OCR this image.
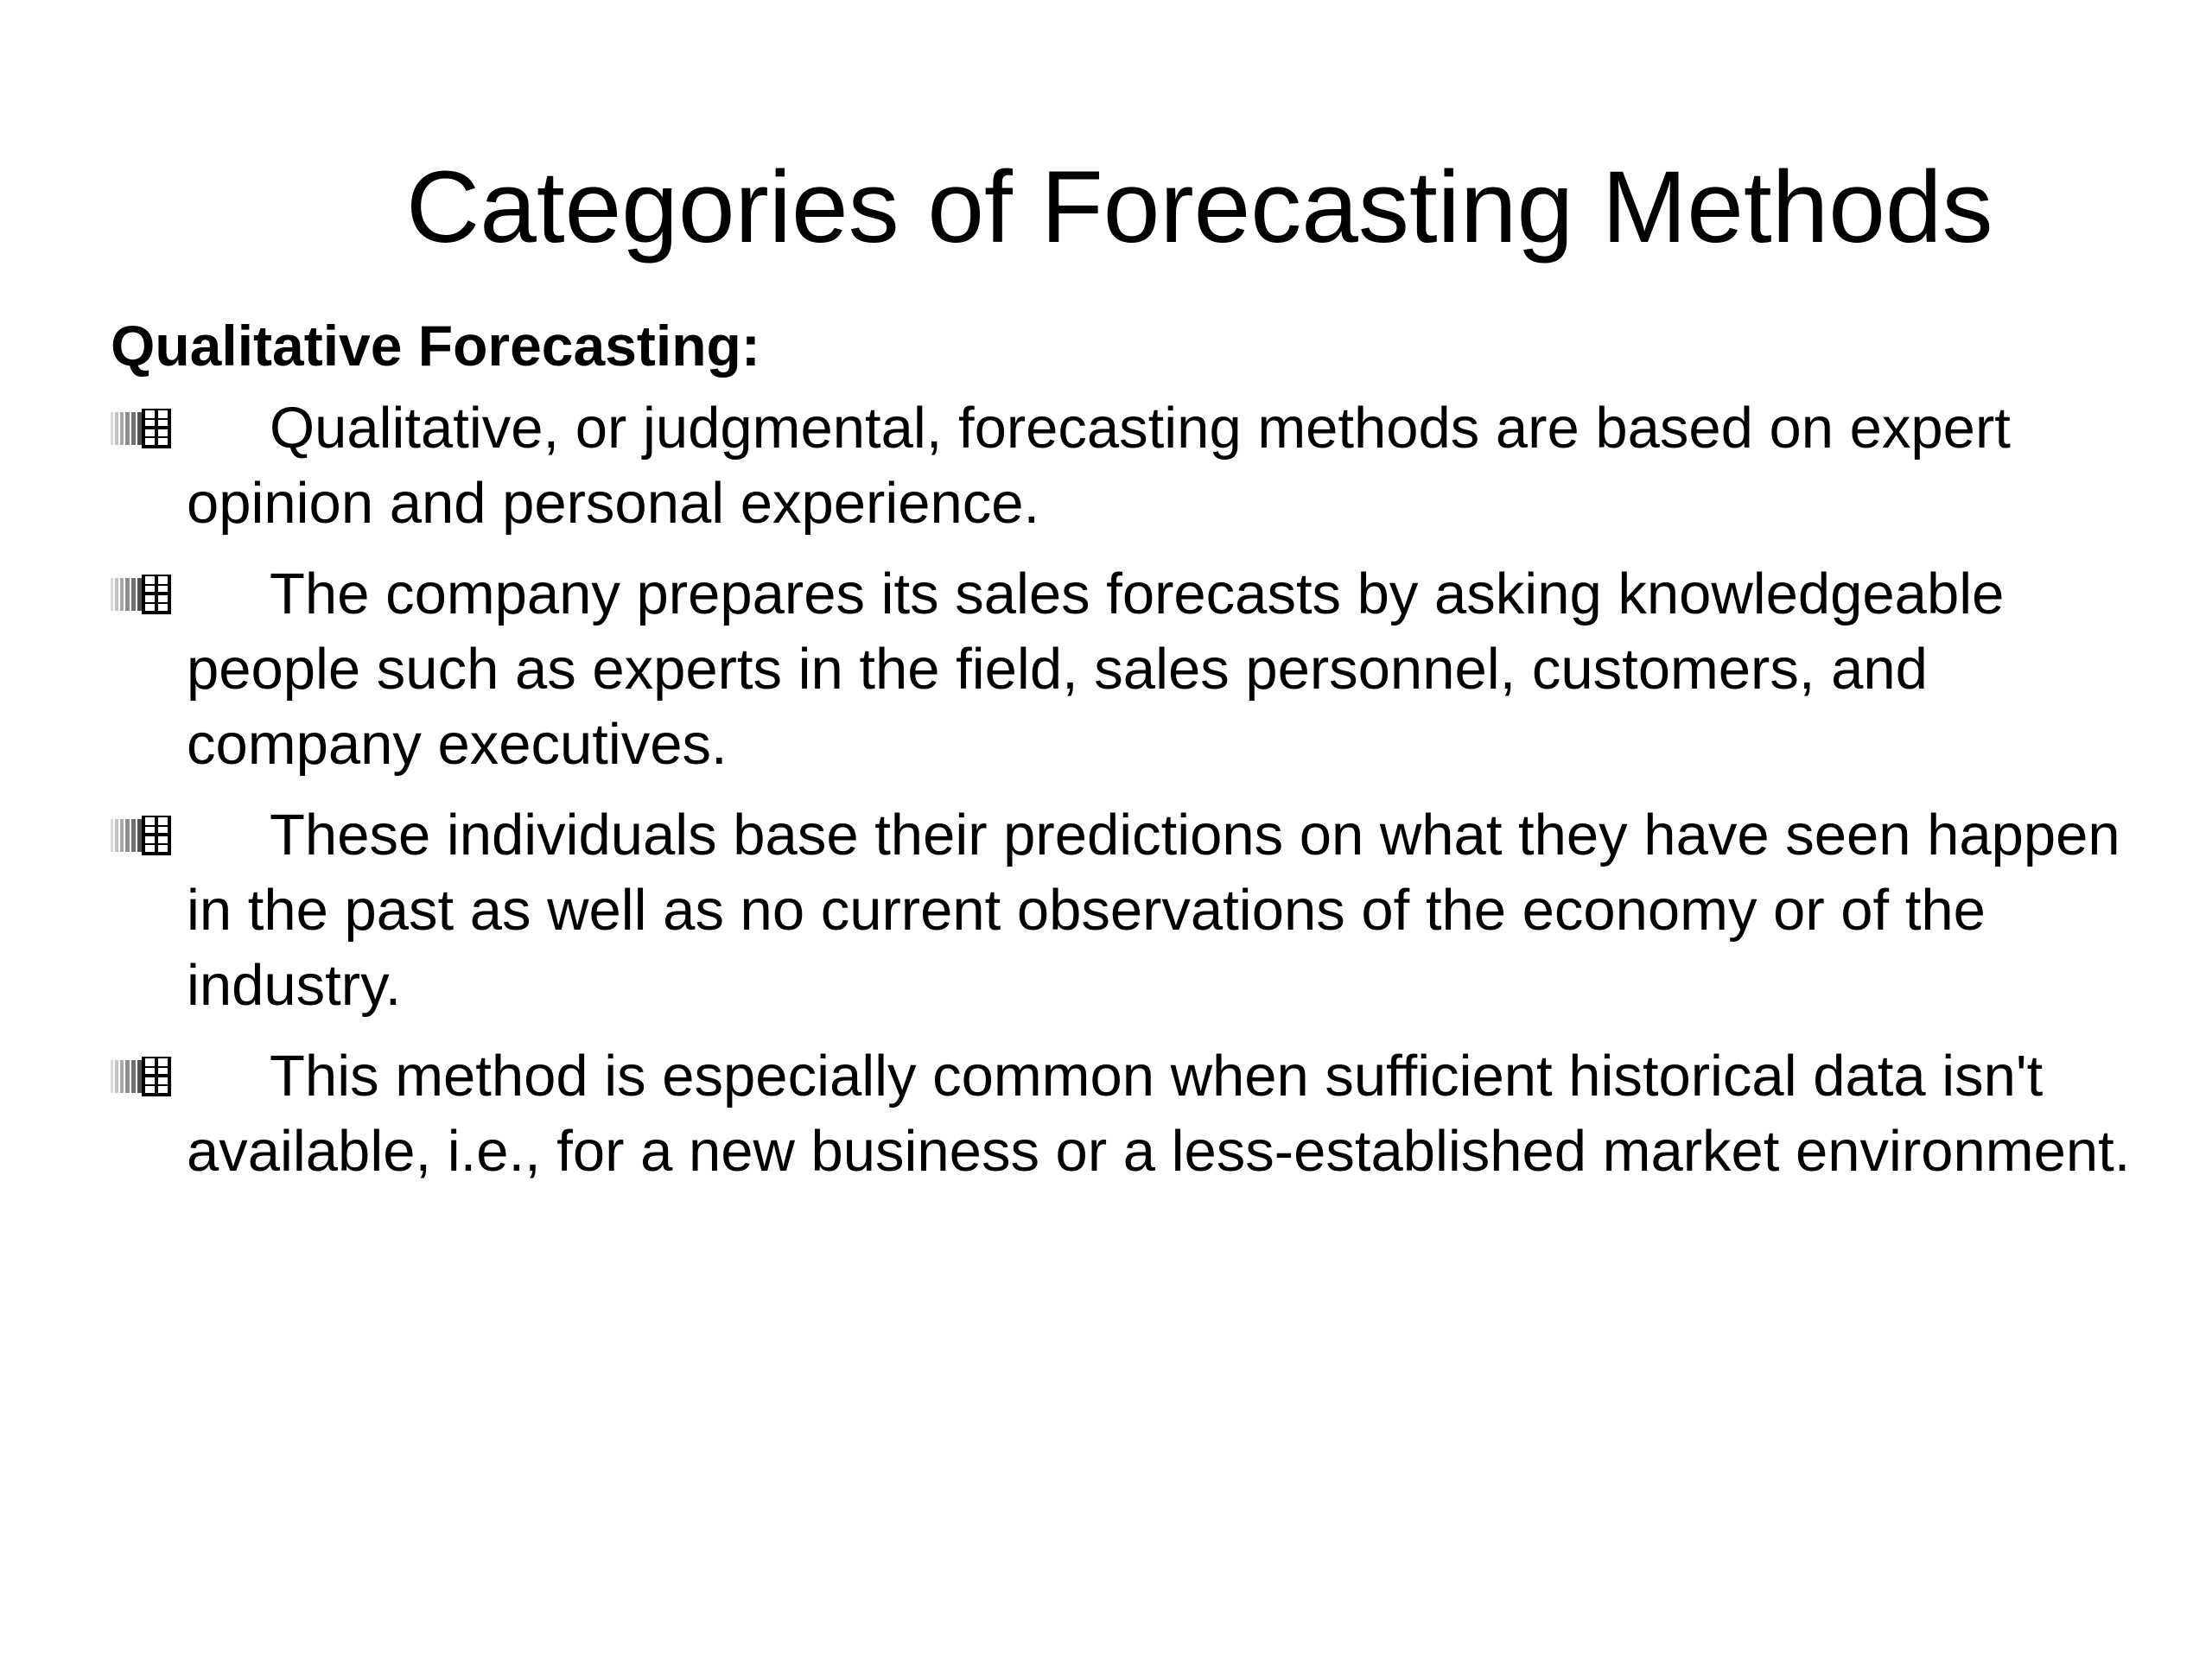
Categories of Forecasting Methods
Qualitative Forecasting:
Qualitative, or judgmental, forecasting methods are based on expert opinion and personal experience.
The company prepares its sales forecasts by asking knowledgeable people such as experts in the field, sales personnel, customers, and company executives.
These individuals base their predictions on what they have seen happen in the past as well as no current observations of the economy or of the industry.
This method is especially common when sufficient historical data isn't available, i.e., for a new business or a less-established market environment.
